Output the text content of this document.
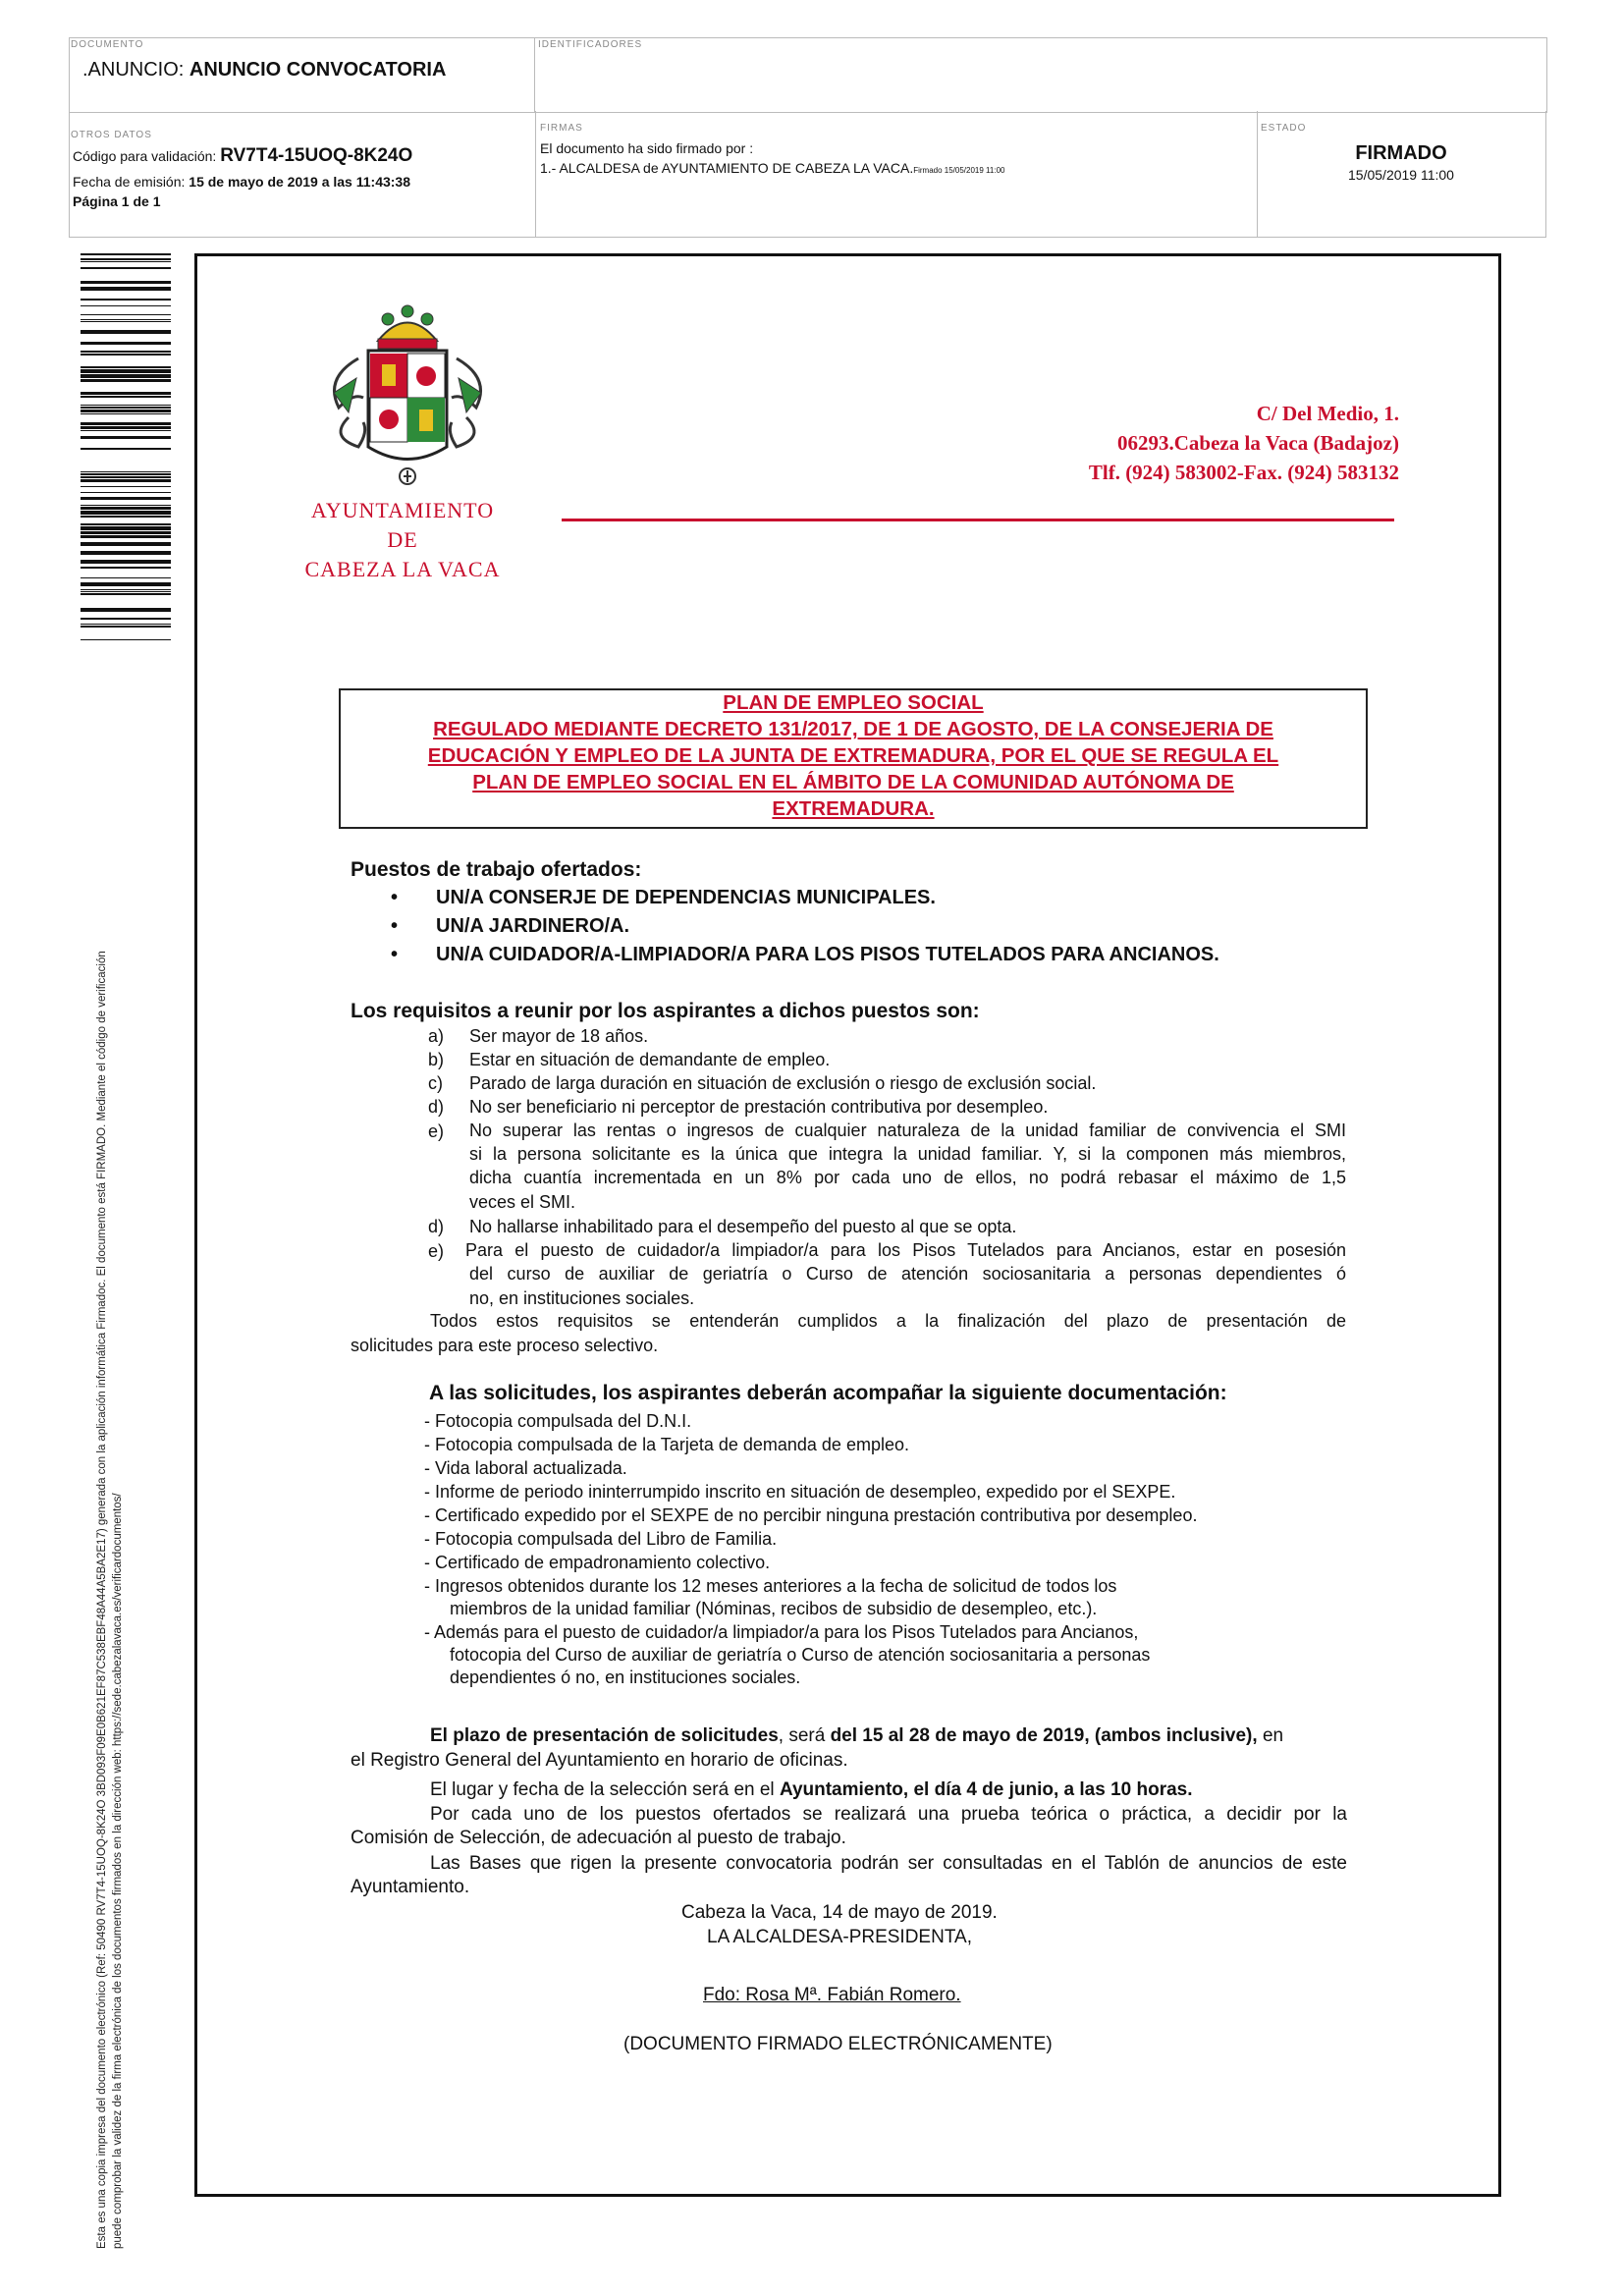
DOCUMENTO	IDENTIFICADORES
.ANUNCIO: ANUNCIO CONVOCATORIA
OTROS DATOS
Código para validación: RV7T4-15UOQ-8K24O
Fecha de emisión: 15 de mayo de 2019 a las 11:43:38
Página 1 de 1
FIRMAS
El documento ha sido firmado por :
1.- ALCALDESA de AYUNTAMIENTO DE CABEZA LA VACA.Firmado 15/05/2019 11:00
ESTADO
FIRMADO
15/05/2019 11:00
Esta es una copia impresa del documento electrónico (Ref: 50490 RV7T4-15UOQ-8K24O 3BD093F09E0B621EF87C538EBF48A44A5BA2E17) generada con la aplicación informática Firmadoc. El documento está FIRMADO. Mediante el código de verificación puede comprobar la validez de la firma electrónica de los documentos firmados en la dirección web: https://sede.cabezalavaca.es/verificardocumentos/
AYUNTAMIENTO
DE
CABEZA LA VACA
C/ Del Medio, 1.
06293.Cabeza la Vaca (Badajoz)
Tlf. (924) 583002-Fax. (924) 583132
PLAN DE EMPLEO SOCIAL
REGULADO MEDIANTE DECRETO 131/2017, DE 1 DE AGOSTO, DE LA CONSEJERIA DE
EDUCACIÓN Y EMPLEO DE LA JUNTA DE EXTREMADURA, POR EL QUE SE REGULA EL
PLAN DE EMPLEO SOCIAL EN EL ÁMBITO DE LA COMUNIDAD AUTÓNOMA DE
EXTREMADURA.
Puestos de trabajo ofertados:
• UN/A CONSERJE DE DEPENDENCIAS MUNICIPALES.
• UN/A JARDINERO/A.
• UN/A CUIDADOR/A-LIMPIADOR/A PARA LOS PISOS TUTELADOS PARA ANCIANOS.
Los requisitos a reunir por los aspirantes a dichos puestos son:
a) Ser mayor de 18 años.
b) Estar en situación de demandante de empleo.
c) Parado de larga duración en situación de exclusión o riesgo de exclusión social.
d) No ser beneficiario ni perceptor de prestación contributiva por desempleo.
e) No superar las rentas o ingresos de cualquier naturaleza de la unidad familiar de convivencia el SMI
si la persona solicitante es la única que integra la unidad familiar. Y, si la componen más miembros,
dicha cuantía incrementada en un 8% por cada uno de ellos, no podrá rebasar el máximo de 1,5
veces el SMI.
d) No hallarse inhabilitado para el desempeño del puesto al que se opta.
e) Para el puesto de cuidador/a limpiador/a para los Pisos Tutelados para Ancianos, estar en posesión
del curso de auxiliar de geriatría o Curso de atención sociosanitaria a personas dependientes ó
no, en instituciones sociales.
Todos estos requisitos se entenderán cumplidos a la finalización del plazo de presentación de
solicitudes para este proceso selectivo.
A las solicitudes, los aspirantes deberán acompañar la siguiente documentación:
- Fotocopia compulsada del D.N.I.
- Fotocopia compulsada de la Tarjeta de demanda de empleo.
- Vida laboral actualizada.
- Informe de periodo ininterrumpido inscrito en situación de desempleo, expedido por el SEXPE.
- Certificado expedido por el SEXPE de no percibir ninguna prestación contributiva por desempleo.
- Fotocopia compulsada del Libro de Familia.
- Certificado de empadronamiento colectivo.
- Ingresos obtenidos durante los 12 meses anteriores a la fecha de solicitud de todos los
miembros de la unidad familiar (Nóminas, recibos de subsidio de desempleo, etc.).
- Además para el puesto de cuidador/a limpiador/a para los Pisos Tutelados para Ancianos,
fotocopia del Curso de auxiliar de geriatría o Curso de atención sociosanitaria a personas
dependientes ó no, en instituciones sociales.
El plazo de presentación de solicitudes, será del 15 al 28 de mayo de 2019, (ambos inclusive), en
el Registro General del Ayuntamiento en horario de oficinas.
El lugar y fecha de la selección será en el Ayuntamiento, el día 4 de junio, a las 10 horas.
Por cada uno de los puestos ofertados se realizará una prueba teórica o práctica, a decidir por la
Comisión de Selección, de adecuación al puesto de trabajo.
Las Bases que rigen la presente convocatoria podrán ser consultadas en el Tablón de anuncios de este
Ayuntamiento.
Cabeza la Vaca, 14 de mayo de 2019.
LA ALCALDESA-PRESIDENTA,
Fdo: Rosa Mª. Fabián Romero.
(DOCUMENTO FIRMADO ELECTRÓNICAMENTE)
